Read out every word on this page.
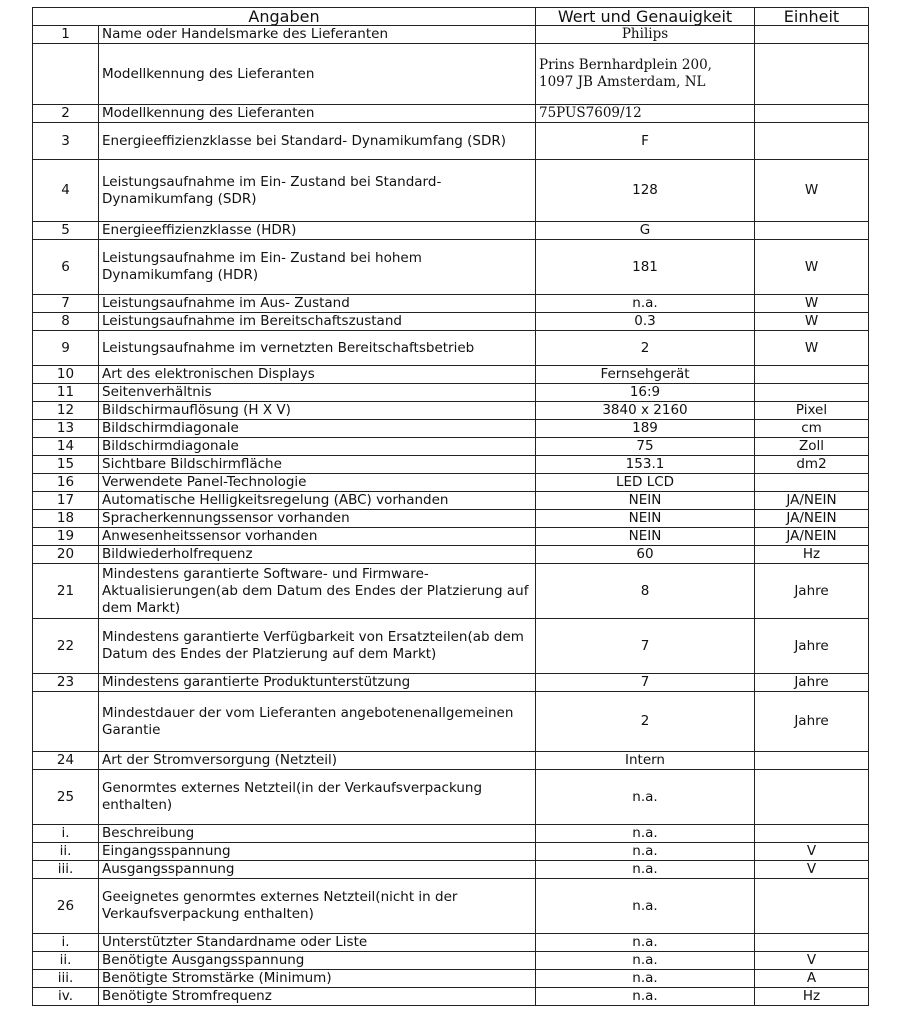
Angaben		Wert und Genauigkeit	Einheit
1	Name oder Handelsmarke des Lieferanten	Philips	
	Modellkennung des Lieferanten	Prins Bernhardplein 200,
1097 JB Amsterdam, NL	
2	Modellkennung des Lieferanten	75PUS7609/12	
3	Energieeffizienzklasse bei Standard- Dynamikumfang (SDR)	F	
4	Leistungsaufnahme im Ein- Zustand bei Standard-Dynamikumfang (SDR)	128	W
5	Energieeffizienzklasse (HDR)	G	
6	Leistungsaufnahme im Ein- Zustand bei hohem Dynamikumfang (HDR)	181	W
7	Leistungsaufnahme im Aus- Zustand	n.a.	W
8	Leistungsaufnahme im Bereitschaftszustand	0.3	W
9	Leistungsaufnahme im vernetzten Bereitschaftsbetrieb	2	W
10	Art des elektronischen Displays	Fernsehgerät	
11	Seitenverhältnis	16:9	
12	Bildschirmauflösung (H X V)	3840 x 2160	Pixel
13	Bildschirmdiagonale	189	cm
14	Bildschirmdiagonale	75	Zoll
15	Sichtbare Bildschirmfläche	153.1	dm2
16	Verwendete Panel-Technologie	LED LCD	
17	Automatische Helligkeitsregelung (ABC) vorhanden	NEIN	JA/NEIN
18	Spracherkennungssensor vorhanden	NEIN	JA/NEIN
19	Anwesenheitssensor vorhanden	NEIN	JA/NEIN
20	Bildwiederholfrequenz	60	Hz
21	Mindestens garantierte Software- und Firmware-Aktualisierungen(ab dem Datum des Endes der Platzierung auf dem Markt)	8	Jahre
22	Mindestens garantierte Verfügbarkeit von Ersatzteilen(ab dem Datum des Endes der Platzierung auf dem Markt)	7	Jahre
23	Mindestens garantierte Produktunterstützung	7	Jahre
	Mindestdauer der vom Lieferanten angebotenenallgemeinen Garantie	2	Jahre
24	Art der Stromversorgung (Netzteil)	Intern	
25	Genormtes externes Netzteil(in der Verkaufsverpackung enthalten)	n.a.	
i.	Beschreibung	n.a.	
ii.	Eingangsspannung	n.a.	V
iii.	Ausgangsspannung	n.a.	V
26	Geeignetes genormtes externes Netzteil(nicht in der Verkaufsverpackung enthalten)	n.a.	
i.	Unterstützter Standardname oder Liste	n.a.	
ii.	Benötigte Ausgangsspannung	n.a.	V
iii.	Benötigte Stromstärke (Minimum)	n.a.	A
iv.	Benötigte Stromfrequenz	n.a.	Hz
